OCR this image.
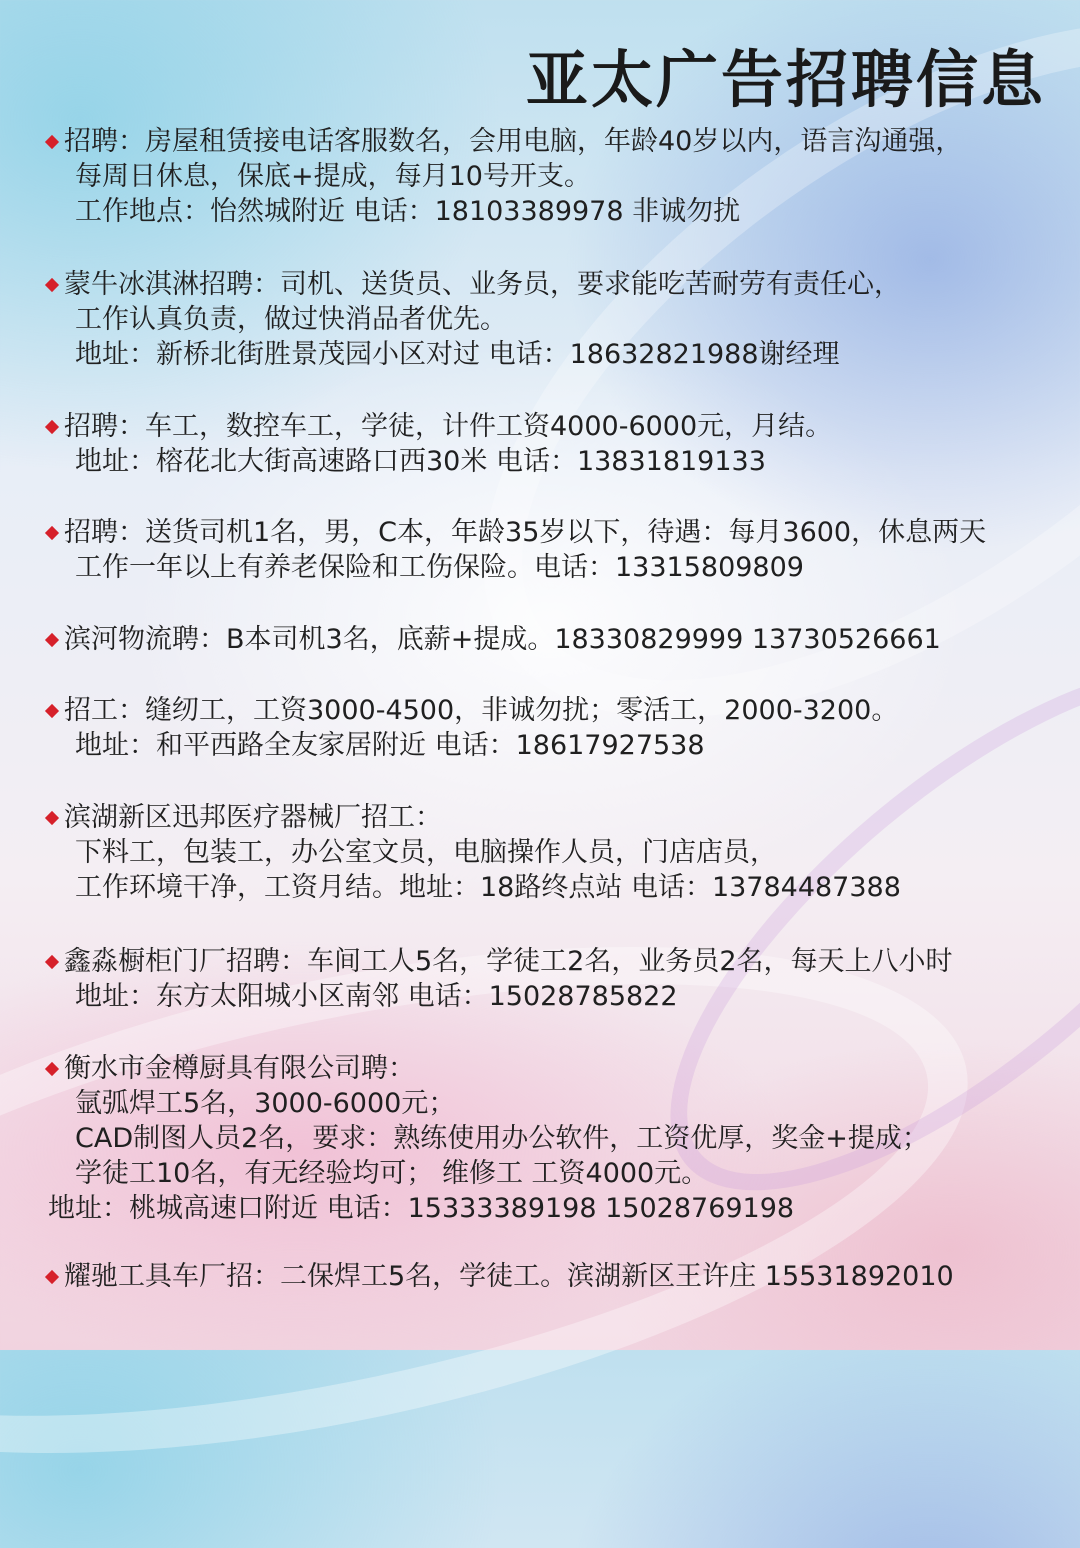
亚太广告招聘信息
招聘：房屋租赁接电话客服数名，会用电脑，年龄40岁以内，语言沟通强，
每周日休息，保底+提成，每月10号开支。
工作地点：怡然城附近 电话：18103389978 非诚勿扰
蒙牛冰淇淋招聘：司机、送货员、业务员，要求能吃苦耐劳有责任心，
工作认真负责，做过快消品者优先。
地址：新桥北街胜景茂园小区对过 电话：18632821988谢经理
招聘：车工，数控车工，学徒，计件工资4000-6000元，月结。
地址：榕花北大街高速路口西30米 电话：13831819133
招聘：送货司机1名，男，C本，年龄35岁以下，待遇：每月3600，休息两天
工作一年以上有养老保险和工伤保险。电话：13315809809
滨河物流聘：B本司机3名，底薪+提成。18330829999 13730526661
招工：缝纫工，工资3000-4500，非诚勿扰；零活工，2000-3200。
地址：和平西路全友家居附近 电话：18617927538
滨湖新区迅邦医疗器械厂招工：
下料工，包装工，办公室文员，电脑操作人员，门店店员，
工作环境干净，工资月结。地址：18路终点站 电话：13784487388
鑫淼橱柜门厂招聘：车间工人5名，学徒工2名，业务员2名，每天上八小时
地址：东方太阳城小区南邻 电话：15028785822
衡水市金樽厨具有限公司聘：
氩弧焊工5名，3000-6000元；
CAD制图人员2名，要求：熟练使用办公软件，工资优厚，奖金+提成；
学徒工10名，有无经验均可； 维修工 工资4000元。
地址：桃城高速口附近 电话：15333389198 15028769198
耀驰工具车厂招：二保焊工5名，学徒工。滨湖新区王许庄 15531892010
